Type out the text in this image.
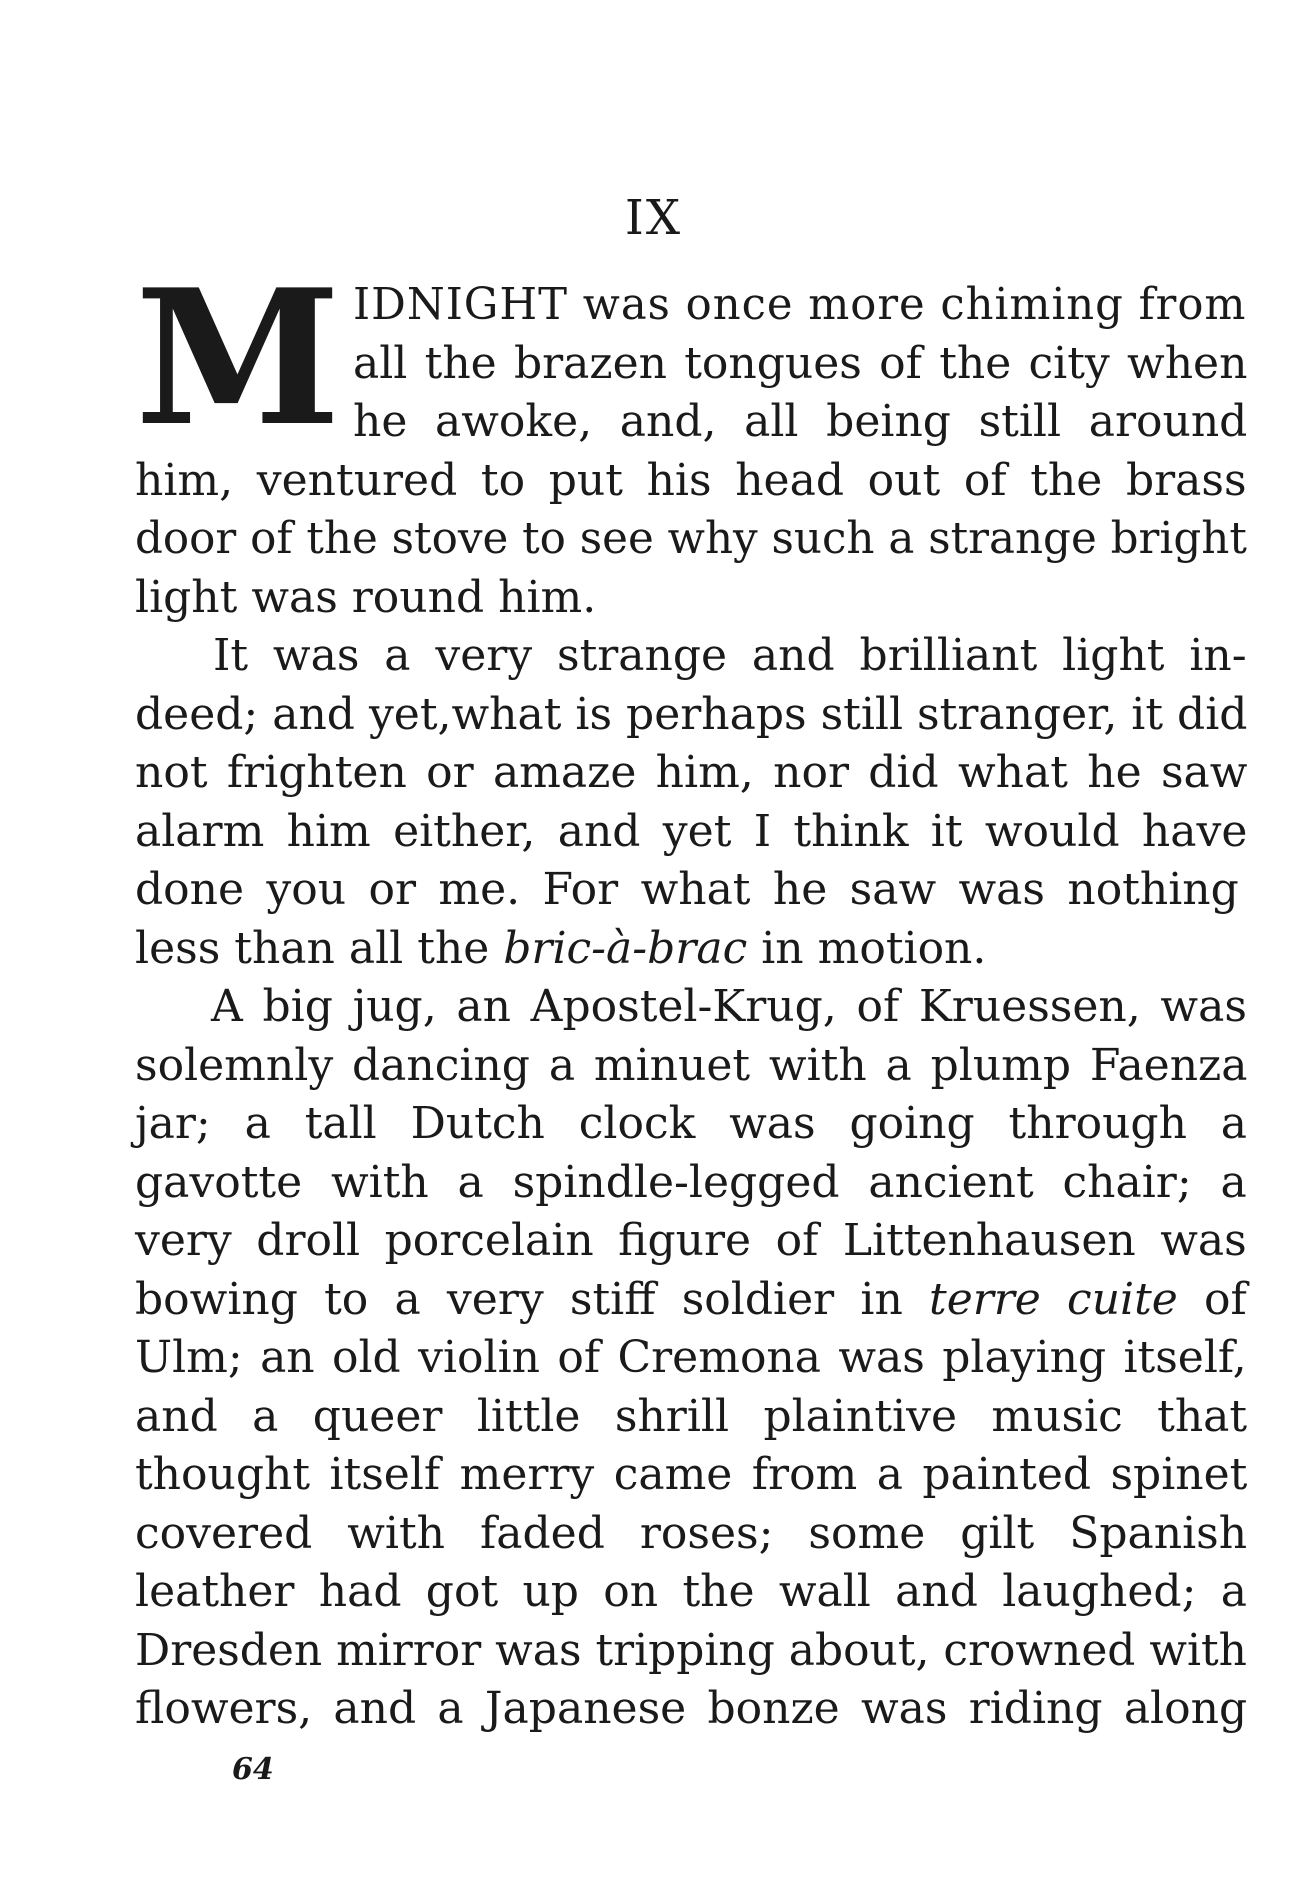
IX
M IDNIGHT was once more chiming from
all the brazen tongues of the city when
he awoke, and, all being still around
him, ventured to put his head out of the brass
door of the stove to see why such a strange bright
light was round him.
It was a very strange and brilliant light in-
deed; and yet,what is perhaps still stranger, it did
not frighten or amaze him, nor did what he saw
alarm him either, and yet I think it would have
done you or me. For what he saw was nothing
less than all the bric-à-brac in motion.
A big jug, an Apostel-Krug, of Kruessen, was
solemnly dancing a minuet with a plump Faenza
jar; a tall Dutch clock was going through a
gavotte with a spindle-legged ancient chair; a
very droll porcelain figure of Littenhausen was
bowing to a very stiff soldier in terre cuite of
Ulm; an old violin of Cremona was playing itself,
and a queer little shrill plaintive music that
thought itself merry came from a painted spinet
covered with faded roses; some gilt Spanish
leather had got up on the wall and laughed; a
Dresden mirror was tripping about, crowned with
flowers, and a Japanese bonze was riding along
64
